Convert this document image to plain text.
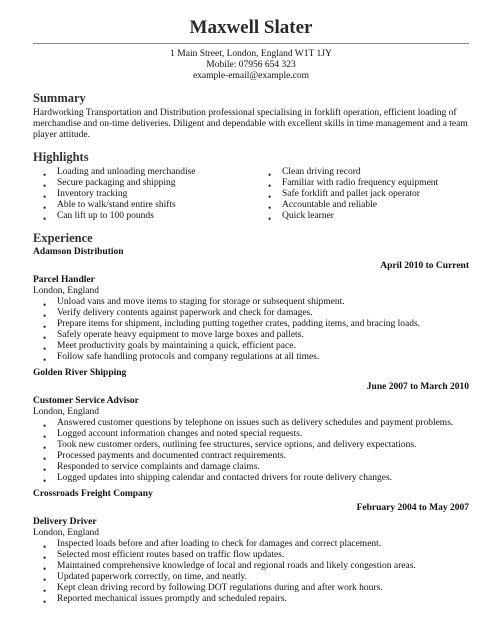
Maxwell Slater
1 Main Street, London, England W1T 1JY
Mobile: 07956 654 323
example-email@example.com
Summary
Hardworking Transportation and Distribution professional specialising in forklift operation, efficient loading of merchandise and on-time deliveries. Diligent and dependable with excellent skills in time management and a team player attitude.
Highlights
• Loading and unloading merchandise
• Secure packaging and shipping
• Inventory tracking
• Able to walk/stand entire shifts
• Can lift up to 100 pounds
• Clean driving record
• Familiar with radio frequency equipment
• Safe forklift and pallet jack operator
• Accountable and reliable
• Quick learner
Experience
Adamson Distribution
April 2010 to Current
Parcel Handler
London, England
• Unload vans and move items to staging for storage or subsequent shipment.
• Verify delivery contents against paperwork and check for damages.
• Prepare items for shipment, including putting together crates, padding items, and bracing loads.
• Safely operate heavy equipment to move large boxes and pallets.
• Meet productivity goals by maintaining a quick, efficient pace.
• Follow safe handling protocols and company regulations at all times.
Golden River Shipping
June 2007 to March 2010
Customer Service Advisor
London, England
• Answered customer questions by telephone on issues such as delivery schedules and payment problems.
• Logged account information changes and noted special requests.
• Took new customer orders, outlining fee structures, service options, and delivery expectations.
• Processed payments and documented contract requirements.
• Responded to service complaints and damage claims.
• Logged updates into shipping calendar and contacted drivers for route delivery changes.
Crossroads Freight Company
February 2004 to May 2007
Delivery Driver
London, England
• Inspected loads before and after loading to check for damages and correct placement.
• Selected most efficient routes based on traffic flow updates.
• Maintained comprehensive knowledge of local and regional roads and likely congestion areas.
• Updated paperwork correctly, on time, and neatly.
• Kept clean driving record by following DOT regulations during and after work hours.
• Reported mechanical issues promptly and scheduled repairs.
